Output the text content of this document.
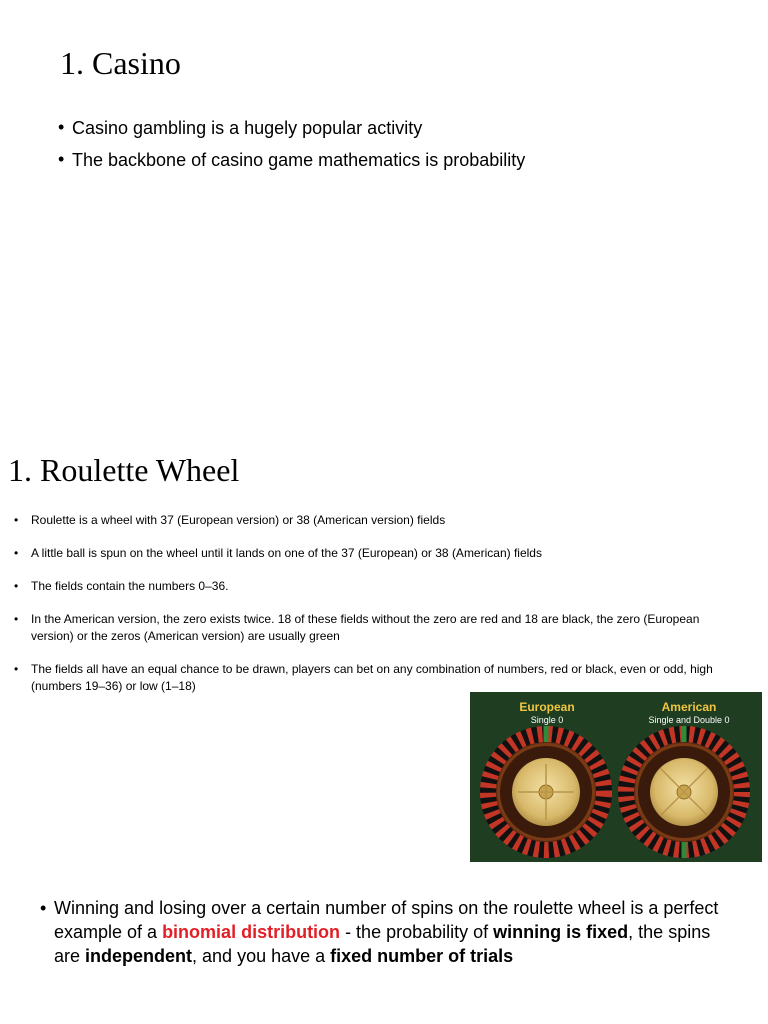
1. Casino
• Casino gambling is a hugely popular activity
• The backbone of casino game mathematics is probability
1. Roulette Wheel
• Roulette is a wheel with 37 (European version) or 38 (American version) fields
• A little ball is spun on the wheel until it lands on one of the 37 (European) or 38 (American) fields
• The fields contain the numbers 0–36.
• In the American version, the zero exists twice. 18 of these fields without the zero are red and 18 are black, the zero (European version) or the zeros (American version) are usually green
• The fields all have an equal chance to be drawn, players can bet on any combination of numbers, red or black, even or odd, high (numbers 19–36) or low (1–18)
European
Single 0
American
Single and Double 0
• Winning and losing over a certain number of spins on the roulette wheel is a perfect example of a binomial distribution - the probability of winning is fixed, the spins are independent, and you have a fixed number of trials
